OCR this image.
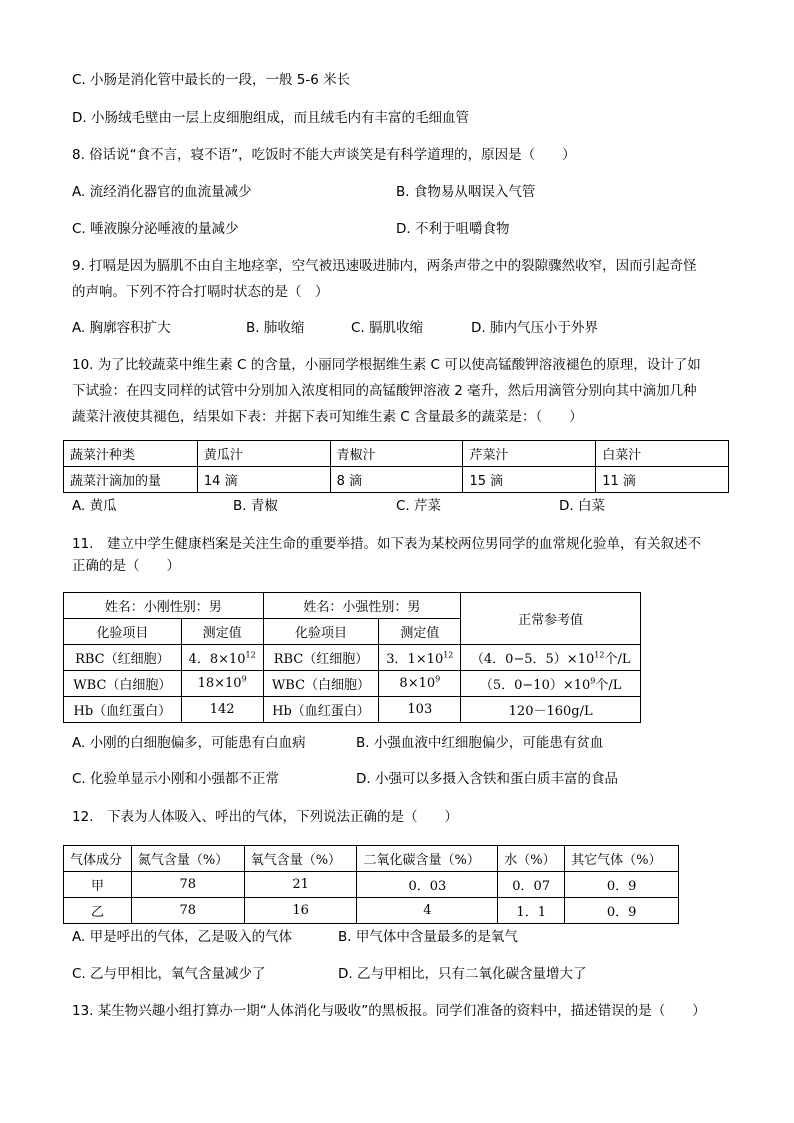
C. 小肠是消化管中最长的一段，一般 5-6 米长
D. 小肠绒毛壁由一层上皮细胞组成，而且绒毛内有丰富的毛细血管
8. 俗话说“食不言，寝不语”，吃饭时不能大声谈笑是有科学道理的，原因是（　　）
A. 流经消化器官的血流量减少	B. 食物易从咽误入气管
C. 唾液腺分泌唾液的量减少	D. 不利于咀嚼食物
9. 打嗝是因为膈肌不由自主地痉挛，空气被迅速吸进肺内，两条声带之中的裂隙骤然收窄，因而引起奇怪
的声响。下列不符合打嗝时状态的是（　）
A. 胸廓容积扩大	B. 肺收缩	C. 膈肌收缩	D. 肺内气压小于外界
10. 为了比较蔬菜中维生素 C 的含量，小丽同学根据维生素 C 可以使高锰酸钾溶液褪色的原理，设计了如
下试验：在四支同样的试管中分别加入浓度相同的高锰酸钾溶液 2 毫升，然后用滴管分别向其中滴加几种
蔬菜汁液使其褪色，结果如下表：并据下表可知维生素 C 含量最多的蔬菜是：（　　）
蔬菜汁种类	黄瓜汁	青椒汁	芹菜汁	白菜汁
蔬菜汁滴加的量	14 滴	8 滴	15 滴	11 滴
A. 黄瓜	B. 青椒	C. 芹菜	D. 白菜
11.　建立中学生健康档案是关注生命的重要举措。如下表为某校两位男同学的血常规化验单，有关叙述不
正确的是（　　）
姓名：小刚性别：男		姓名：小强性别：男		正常参考值
化验项目	测定值	化验项目	测定值	
RBC（红细胞）	4．$8\times 10^{12}$	RBC（红细胞）	3．$1\times 10^{12}$	（4．0−5．$5)\times 10^{12}$个/L
WBC（白细胞）	$18\times 10^9$	WBC（白细胞）	$8\times 10^9$	（5．$0-10)\times 10^9$个/L
Hb（血红蛋白）	142	Hb（血红蛋白）	103	120－160g/L
A. 小刚的白细胞偏多，可能患有白血病	B. 小强血液中红细胞偏少，可能患有贫血
C. 化验单显示小刚和小强都不正常	D. 小强可以多摄入含铁和蛋白质丰富的食品
12.　下表为人体吸入、呼出的气体，下列说法正确的是（　　）
气体成分	氮气含量（%）	氧气含量（%）	二氧化碳含量（%）	水（%）	其它气体（%）
甲	78	21	0．03	0．07	0．9
乙	78	16	4	1．1	0．9
A. 甲是呼出的气体，乙是吸入的气体	B. 甲气体中含量最多的是氧气
C. 乙与甲相比，氧气含量减少了	D. 乙与甲相比，只有二氧化碳含量增大了
13. 某生物兴趣小组打算办一期“人体消化与吸收”的黑板报。同学们准备的资料中，描述错误的是（　　）
